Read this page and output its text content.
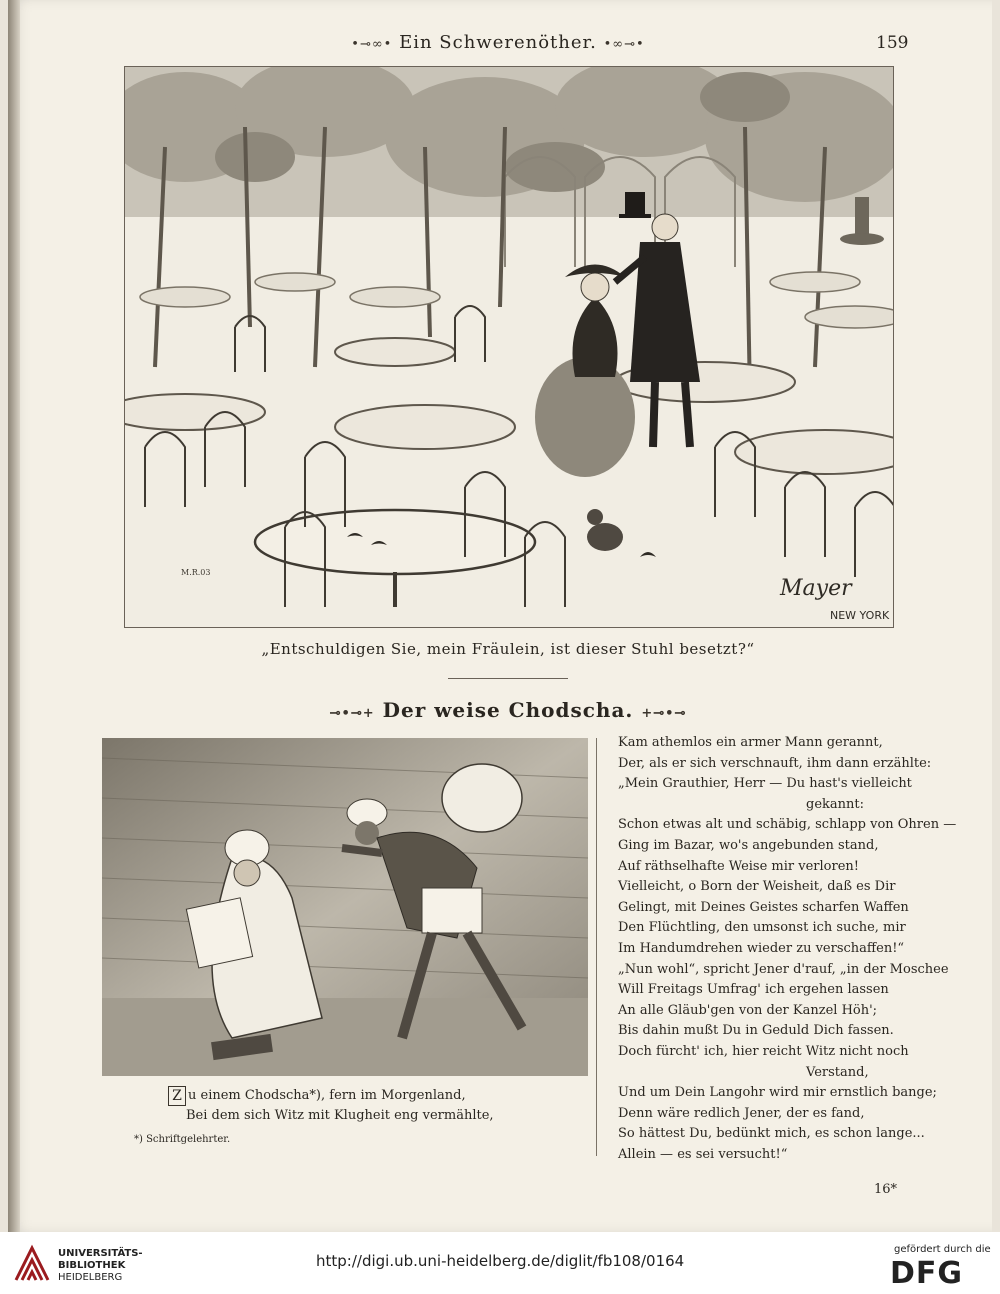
•⊸∞• Ein Schwerenöther. •∞⊸•	159
M.R.03
Mayer
NEW YORK
„Entschuldigen Sie, mein Fräulein, ist dieser Stuhl besetzt?“
⊸•⊸+ Der weise Chodscha. +⊸•⊸
Z u einem Chodscha*), fern im Morgenland,
Bei dem sich Witz mit Klugheit eng vermählte,
*) Schriftgelehrter.
Kam athemlos ein armer Mann gerannt,
Der, als er sich verschnauft, ihm dann erzählte:
„Mein Grauthier, Herr — Du hast's vielleicht
gekannt:
Schon etwas alt und schäbig, schlapp von Ohren —
Ging im Bazar, wo's angebunden stand,
Auf räthselhafte Weise mir verloren!
Vielleicht, o Born der Weisheit, daß es Dir
Gelingt, mit Deines Geistes scharfen Waffen
Den Flüchtling, den umsonst ich suche, mir
Im Handumdrehen wieder zu verschaffen!“
„Nun wohl“, spricht Jener d'rauf, „in der Moschee
Will Freitags Umfrag' ich ergehen lassen
An alle Gläub'gen von der Kanzel Höh';
Bis dahin mußt Du in Geduld Dich fassen.
Doch fürcht' ich, hier reicht Witz nicht noch
Verstand,
Und um Dein Langohr wird mir ernstlich bange;
Denn wäre redlich Jener, der es fand,
So hättest Du, bedünkt mich, es schon lange...
Allein — es sei versucht!“
16*
UNIVERSITÄTS-
BIBLIOTHEK
HEIDELBERG
http://digi.ub.uni-heidelberg.de/diglit/fb108/0164
gefördert durch die
DFG
